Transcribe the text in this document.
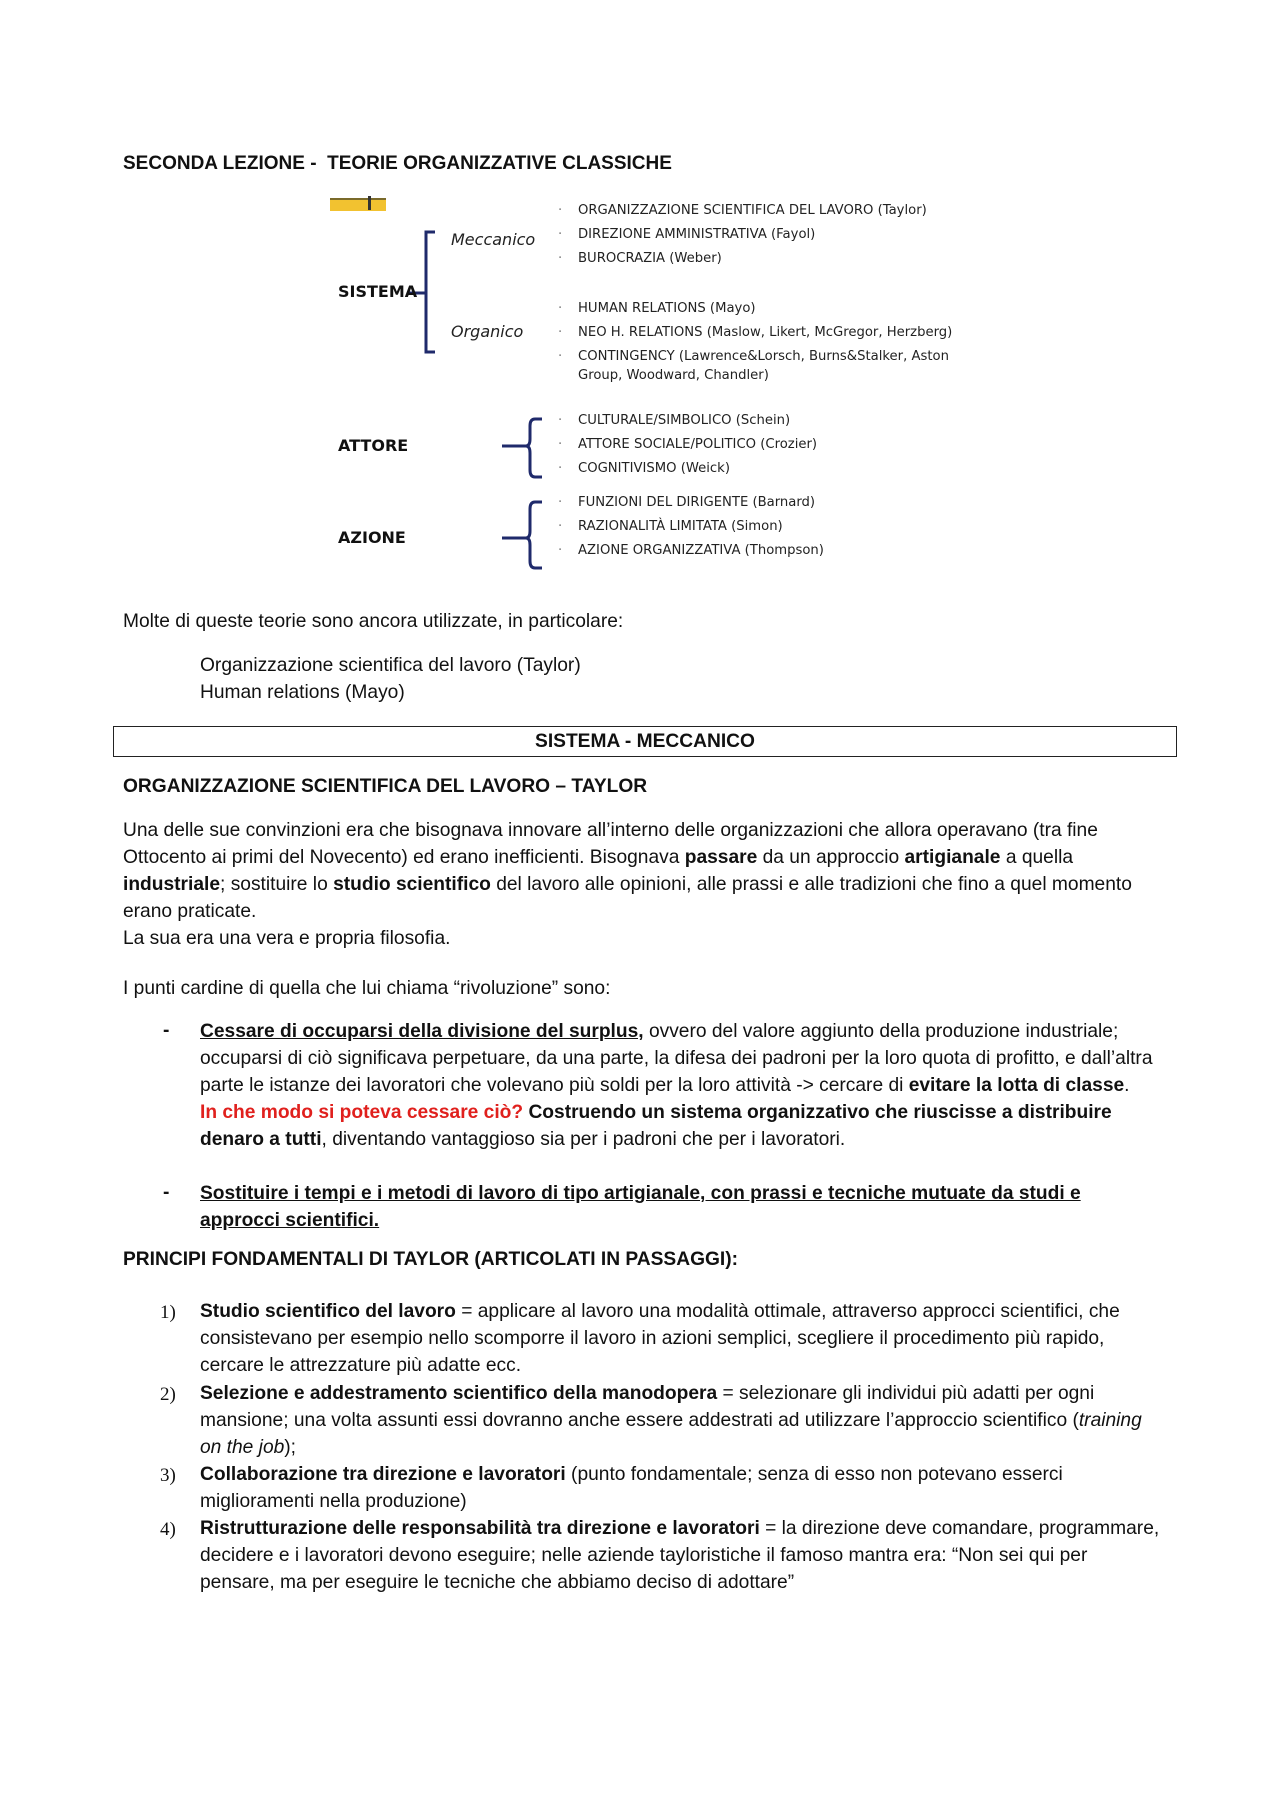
SECONDA LEZIONE -  TEORIE ORGANIZZATIVE CLASSICHE
SISTEMA
Meccanico
Organico
ATTORE
AZIONE
· ORGANIZZAZIONE SCIENTIFICA DEL LAVORO (Taylor)
· DIREZIONE AMMINISTRATIVA (Fayol)
· BUROCRAZIA (Weber)
· HUMAN RELATIONS (Mayo)
· NEO H. RELATIONS (Maslow, Likert, McGregor, Herzberg)
· CONTINGENCY (Lawrence&Lorsch, Burns&Stalker, Aston Group, Woodward, Chandler)
· CULTURALE/SIMBOLICO (Schein)
· ATTORE SOCIALE/POLITICO (Crozier)
· COGNITIVISMO (Weick)
· FUNZIONI DEL DIRIGENTE (Barnard)
· RAZIONALITÀ LIMITATA (Simon)
· AZIONE ORGANIZZATIVA (Thompson)

Molte di queste teorie sono ancora utilizzate, in particolare:

Organizzazione scientifica del lavoro (Taylor)
Human relations (Mayo)
SISTEMA - MECCANICO
ORGANIZZAZIONE SCIENTIFICA DEL LAVORO – TAYLOR
Una delle sue convinzioni era che bisognava innovare all’interno delle organizzazioni che allora operavano (tra fine Ottocento ai primi del Novecento) ed erano inefficienti. Bisognava passare da un approccio artigianale a quella industriale; sostituire lo studio scientifico del lavoro alle opinioni, alle prassi e alle tradizioni che fino a quel momento erano praticate.
La sua era una vera e propria filosofia.
I punti cardine di quella che lui chiama “rivoluzione” sono:
- Cessare di occuparsi della divisione del surplus, ovvero del valore aggiunto della produzione industriale; occuparsi di ciò significava perpetuare, da una parte, la difesa dei padroni per la loro quota di profitto, e dall’altra parte le istanze dei lavoratori che volevano più soldi per la loro attività -> cercare di evitare la lotta di classe.
In che modo si poteva cessare ciò? Costruendo un sistema organizzativo che riuscisse a distribuire denaro a tutti, diventando vantaggioso sia per i padroni che per i lavoratori.
- Sostituire i tempi e i metodi di lavoro di tipo artigianale, con prassi e tecniche mutuate da studi e approcci scientifici.
PRINCIPI FONDAMENTALI DI TAYLOR (ARTICOLATI IN PASSAGGI):
1) Studio scientifico del lavoro = applicare al lavoro una modalità ottimale, attraverso approcci scientifici, che consistevano per esempio nello scomporre il lavoro in azioni semplici, scegliere il procedimento più rapido, cercare le attrezzature più adatte ecc.
2) Selezione e addestramento scientifico della manodopera = selezionare gli individui più adatti per ogni mansione; una volta assunti essi dovranno anche essere addestrati ad utilizzare l’approccio scientifico (training on the job);
3) Collaborazione tra direzione e lavoratori (punto fondamentale; senza di esso non potevano esserci miglioramenti nella produzione)
4) Ristrutturazione delle responsabilità tra direzione e lavoratori = la direzione deve comandare, programmare, decidere e i lavoratori devono eseguire; nelle aziende tayloristiche il famoso mantra era: “Non sei qui per pensare, ma per eseguire le tecniche che abbiamo deciso di adottare”
